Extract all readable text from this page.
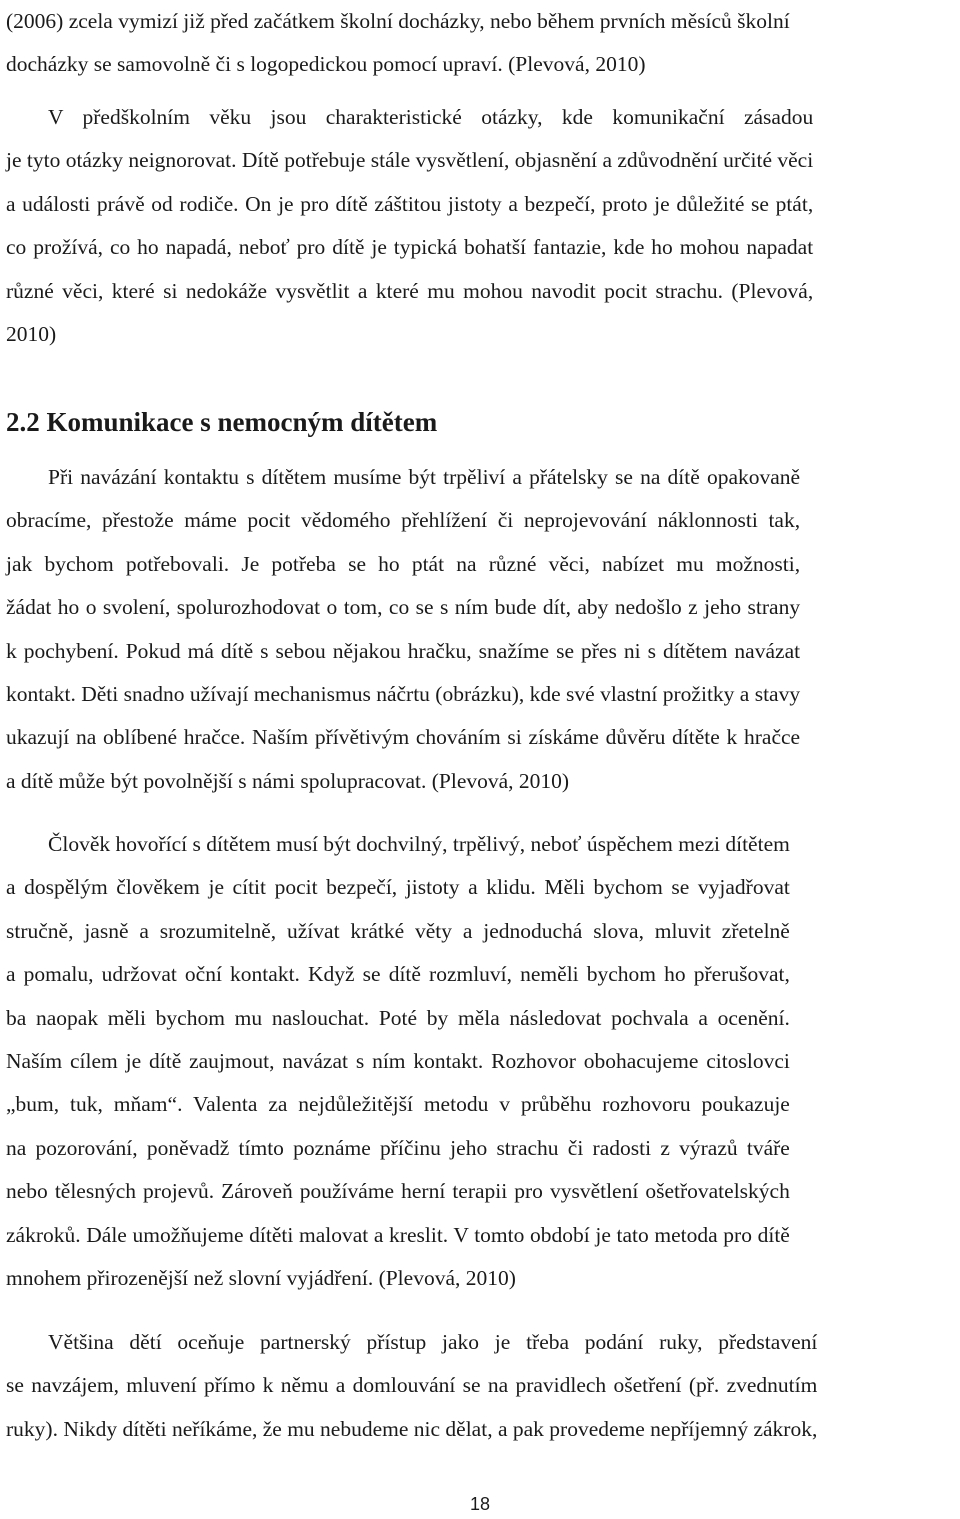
(2006) zcela vymizí již před začátkem školní docházky, nebo během prvních měsíců školní
docházky se samovolně či s logopedickou pomocí upraví. (Plevová, 2010)

V předškolním věku jsou charakteristické otázky, kde komunikační zásadou
je tyto otázky neignorovat. Dítě potřebuje stále vysvětlení, objasnění a zdůvodnění určité věci
a události právě od rodiče. On je pro dítě záštitou jistoty a bezpečí, proto je důležité se ptát,
co prožívá, co ho napadá, neboť pro dítě je typická bohatší fantazie, kde ho mohou napadat
různé věci, které si nedokáže vysvětlit a které mu mohou navodit pocit strachu. (Plevová,
2010)

2.2 Komunikace s nemocným dítětem

Při navázání kontaktu s dítětem musíme být trpěliví a přátelsky se na dítě opakovaně
obracíme, přestože máme pocit vědomého přehlížení či neprojevování náklonnosti tak,
jak bychom potřebovali. Je potřeba se ho ptát na různé věci, nabízet mu možnosti,
žádat ho o svolení, spolurozhodovat o tom, co se s ním bude dít, aby nedošlo z jeho strany
k pochybení. Pokud má dítě s sebou nějakou hračku, snažíme se přes ni s dítětem navázat
kontakt. Děti snadno užívají mechanismus náčrtu (obrázku), kde své vlastní prožitky a stavy
ukazují na oblíbené hračce. Naším přívětivým chováním si získáme důvěru dítěte k hračce
a dítě může být povolnější s námi spolupracovat. (Plevová, 2010)

Člověk hovořící s dítětem musí být dochvilný, trpělivý, neboť úspěchem mezi dítětem
a dospělým člověkem je cítit pocit bezpečí, jistoty a klidu. Měli bychom se vyjadřovat
stručně, jasně a srozumitelně, užívat krátké věty a jednoduchá slova, mluvit zřetelně
a pomalu, udržovat oční kontakt. Když se dítě rozmluví, neměli bychom ho přerušovat,
ba naopak měli bychom mu naslouchat. Poté by měla následovat pochvala a ocenění.
Naším cílem je dítě zaujmout, navázat s ním kontakt. Rozhovor obohacujeme citoslovci
„bum, tuk, mňam“. Valenta za nejdůležitější metodu v průběhu rozhovoru poukazuje
na pozorování, poněvadž tímto poznáme příčinu jeho strachu či radosti z výrazů tváře
nebo tělesných projevů. Zároveň používáme herní terapii pro vysvětlení ošetřovatelských
zákroků. Dále umožňujeme dítěti malovat a kreslit. V tomto období je tato metoda pro dítě
mnohem přirozenější než slovní vyjádření. (Plevová, 2010)

Většina dětí oceňuje partnerský přístup jako je třeba podání ruky, představení
se navzájem, mluvení přímo k němu a domlouvání se na pravidlech ošetření (př. zvednutím
ruky). Nikdy dítěti neříkáme, že mu nebudeme nic dělat, a pak provedeme nepříjemný zákrok,

18
